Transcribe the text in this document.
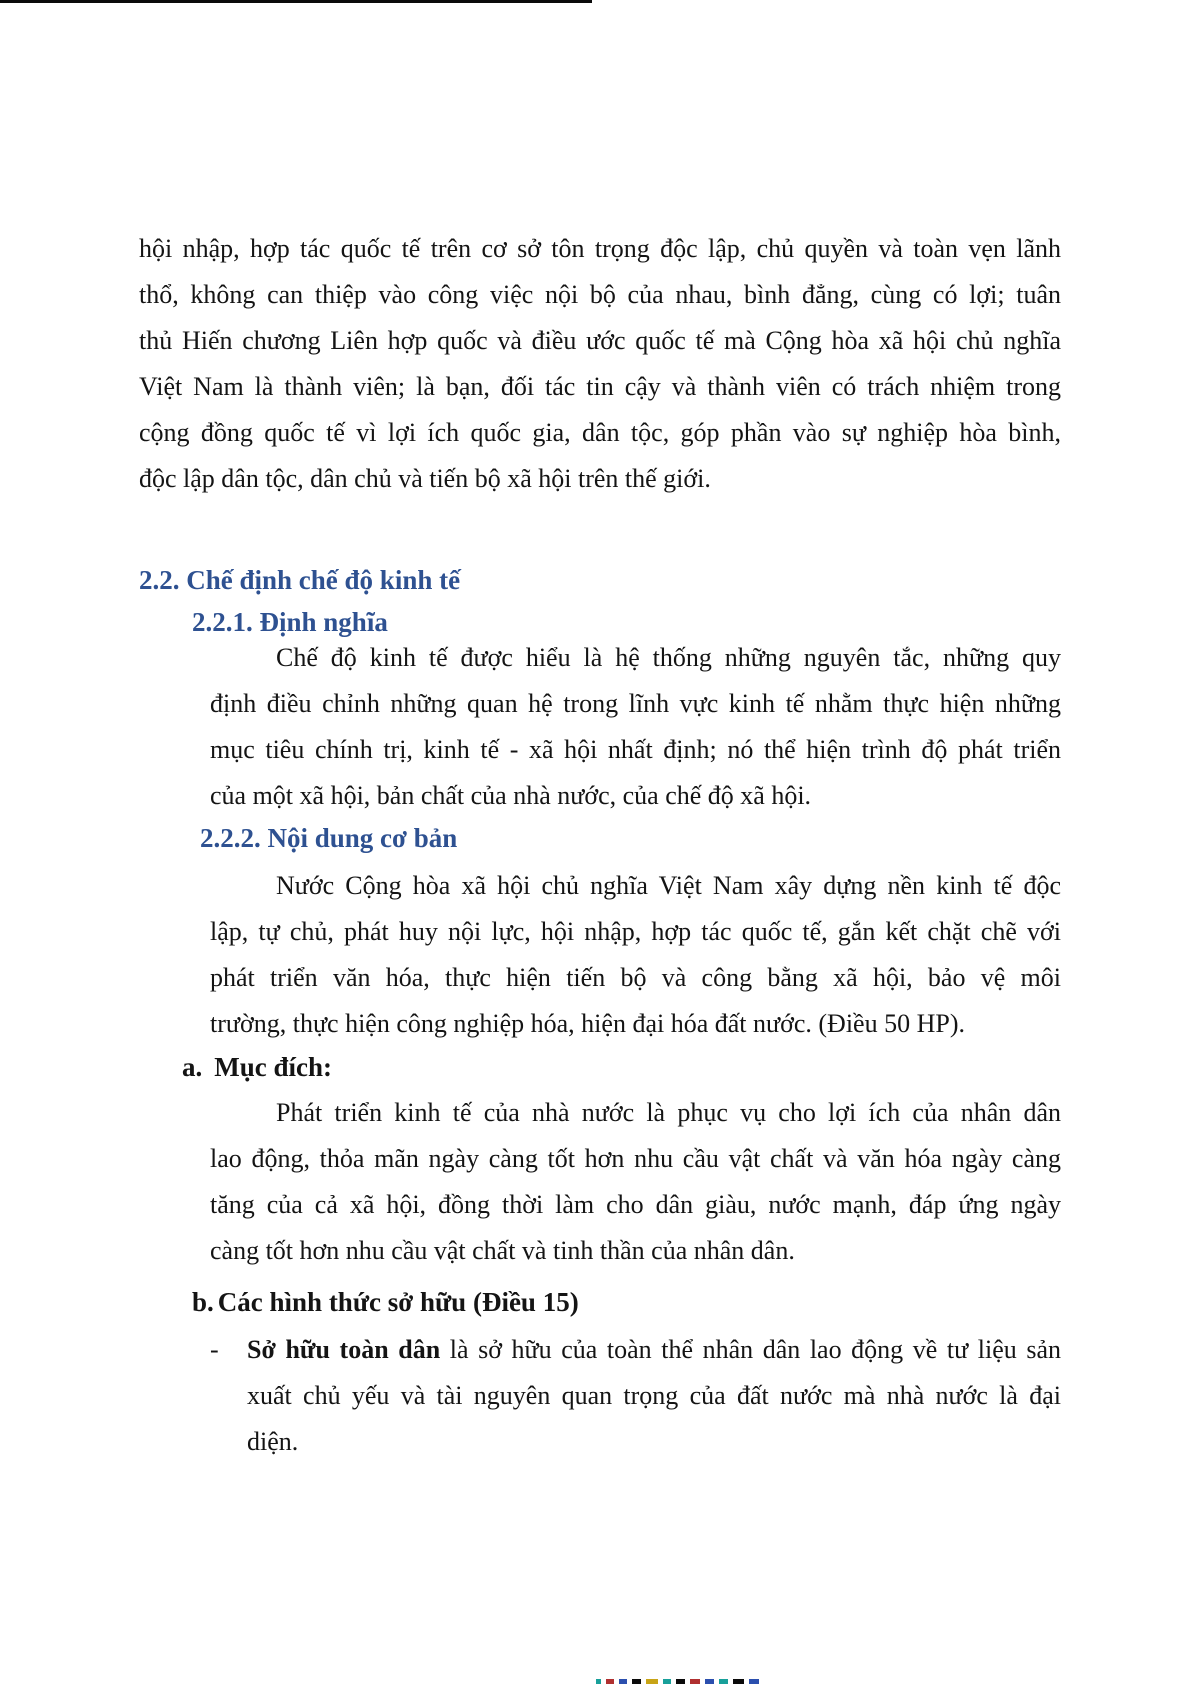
hội nhập, hợp tác quốc tế trên cơ sở tôn trọng độc lập, chủ quyền và toàn vẹn lãnh
thổ, không can thiệp vào công việc nội bộ của nhau, bình đẳng, cùng có lợi; tuân
thủ Hiến chương Liên hợp quốc và điều ước quốc tế mà Cộng hòa xã hội chủ nghĩa
Việt Nam là thành viên; là bạn, đối tác tin cậy và thành viên có trách nhiệm trong
cộng đồng quốc tế vì lợi ích quốc gia, dân tộc, góp phần vào sự nghiệp hòa bình,
độc lập dân tộc, dân chủ và tiến bộ xã hội trên thế giới.
2.2. Chế định chế độ kinh tế
2.2.1. Định nghĩa
Chế độ kinh tế được hiểu là hệ thống những nguyên tắc, những quy
định điều chỉnh những quan hệ trong lĩnh vực kinh tế nhằm thực hiện những
mục tiêu chính trị, kinh tế - xã hội nhất định; nó thể hiện trình độ phát triển
của một xã hội, bản chất của nhà nước, của chế độ xã hội.
2.2.2. Nội dung cơ bản
Nước Cộng hòa xã hội chủ nghĩa Việt Nam xây dựng nền kinh tế độc
lập, tự chủ, phát huy nội lực, hội nhập, hợp tác quốc tế, gắn kết chặt chẽ với
phát triển văn hóa, thực hiện tiến bộ và công bằng xã hội, bảo vệ môi
trường, thực hiện công nghiệp hóa, hiện đại hóa đất nước. (Điều 50 HP).
a. Mục đích:
Phát triển kinh tế của nhà nước là phục vụ cho lợi ích của nhân dân
lao động, thỏa mãn ngày càng tốt hơn nhu cầu vật chất và văn hóa ngày càng
tăng của cả xã hội, đồng thời làm cho dân giàu, nước mạnh, đáp ứng ngày
càng tốt hơn nhu cầu vật chất và tinh thần của nhân dân.
b. Các hình thức sở hữu (Điều 15)
- Sở hữu toàn dân là sở hữu của toàn thể nhân dân lao động về tư liệu sản
xuất chủ yếu và tài nguyên quan trọng của đất nước mà nhà nước là đại
diện.
